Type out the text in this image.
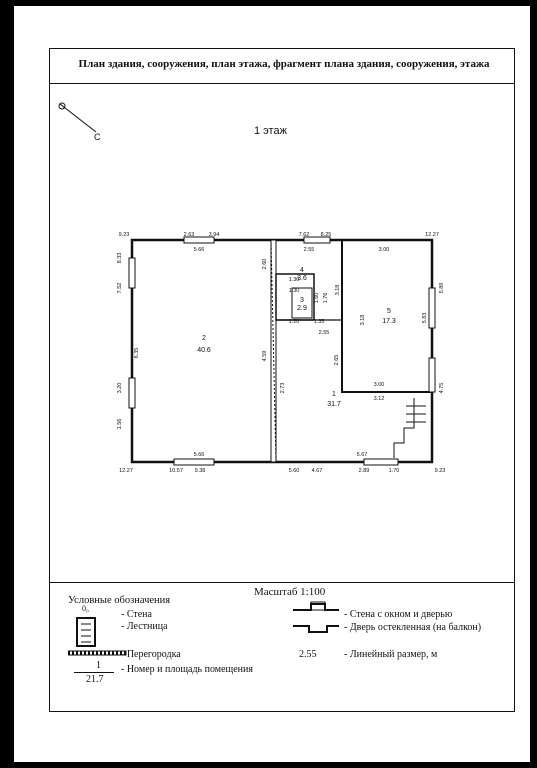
План здания, сооружения, план этажа, фрагмент плана здания, сооружения, этажа
1 этаж
Масштаб 1:100
С
2
40.6
4
3.6
3
2.9	5
17.3
1
31.7
9.23	2.63	3.94	7.62 8.25	12.27
5.66	2.55	3.00
12.27	10.57 9.38
5.66
5.60 4.67
5.67
2.89	1.70	9.23
2.55
3.00
3.12
1.30
1.30
1.20	1.35
8.33
7.52
6.35
3.20
1.56
5.89
5.83
4.75
2.60
1.60 1.76
3.18
3.18
2.65
4.59
2.73
Условные обозначения
0₀
- Стена
- Лестница
- Перегородка
1
21.7
- Номер и площадь помещения
- Стена с окном и дверью
- Дверь остекленная (на балкон)
2.55	- Линейный размер, м
